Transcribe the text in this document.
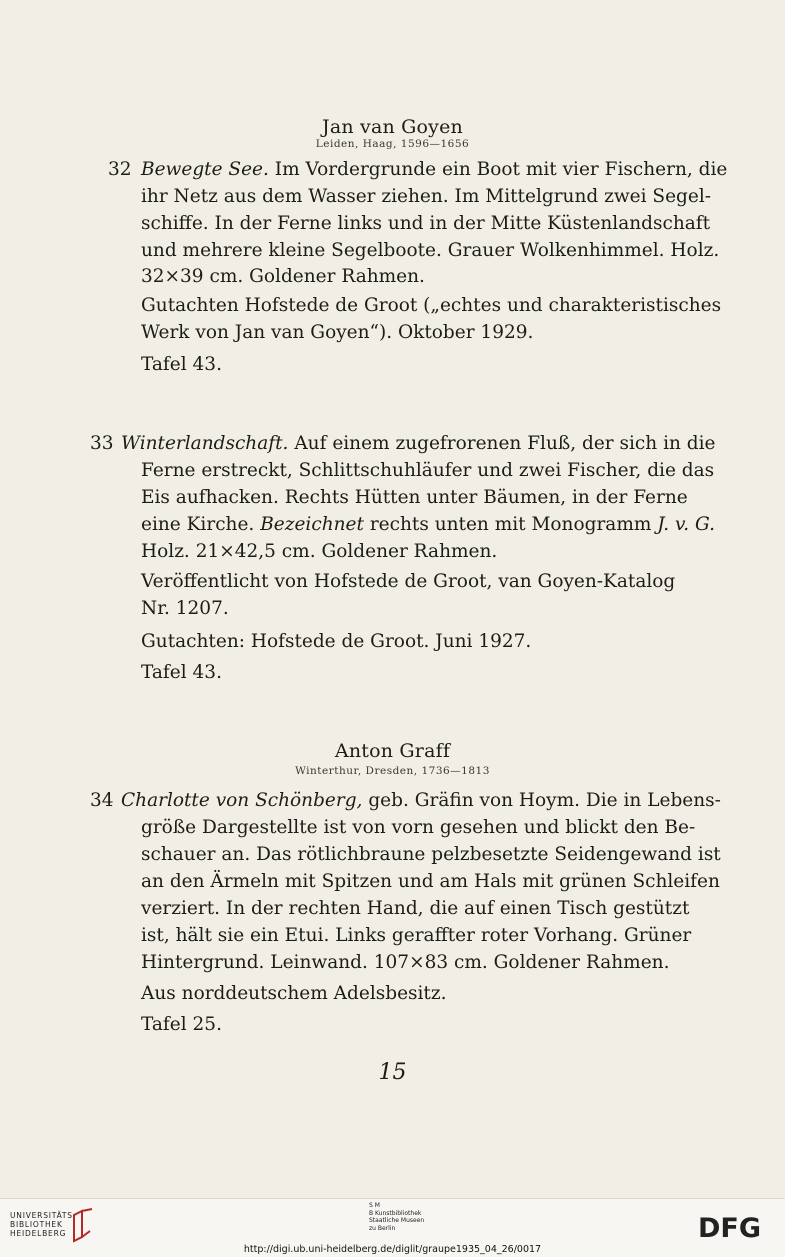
Jan van Goyen
Leiden, Haag, 1596—1656
32 Bewegte See. Im Vordergrunde ein Boot mit vier Fischern, die
ihr Netz aus dem Wasser ziehen. Im Mittelgrund zwei Segel-
schiffe. In der Ferne links und in der Mitte Küstenlandschaft
und mehrere kleine Segelboote. Grauer Wolkenhimmel. Holz.
32×39 cm. Goldener Rahmen.
Gutachten Hofstede de Groot („echtes und charakteristisches
Werk von Jan van Goyen“). Oktober 1929.
Tafel 43.
33 Winterlandschaft. Auf einem zugefrorenen Fluß, der sich in die
Ferne erstreckt, Schlittschuhläufer und zwei Fischer, die das
Eis aufhacken. Rechts Hütten unter Bäumen, in der Ferne
eine Kirche. Bezeichnet rechts unten mit Monogramm J. v. G.
Holz. 21×42,5 cm. Goldener Rahmen.
Veröffentlicht von Hofstede de Groot, van Goyen-Katalog
Nr. 1207.
Gutachten: Hofstede de Groot. Juni 1927.
Tafel 43.
Anton Graff
Winterthur, Dresden, 1736—1813
34 Charlotte von Schönberg, geb. Gräfin von Hoym. Die in Lebens-
größe Dargestellte ist von vorn gesehen und blickt den Be-
schauer an. Das rötlichbraune pelzbesetzte Seidengewand ist
an den Ärmeln mit Spitzen und am Hals mit grünen Schleifen
verziert. In der rechten Hand, die auf einen Tisch gestützt
ist, hält sie ein Etui. Links geraffter roter Vorhang. Grüner
Hintergrund. Leinwand. 107×83 cm. Goldener Rahmen.
Aus norddeutschem Adelsbesitz.
Tafel 25.
15
UNIVERSITÄTS-
BIBLIOTHEK
HEIDELBERG
S M
B Kunstbibliothek
Staatliche Museen
zu Berlin	DFG
http://digi.ub.uni-heidelberg.de/diglit/graupe1935_04_26/0017
